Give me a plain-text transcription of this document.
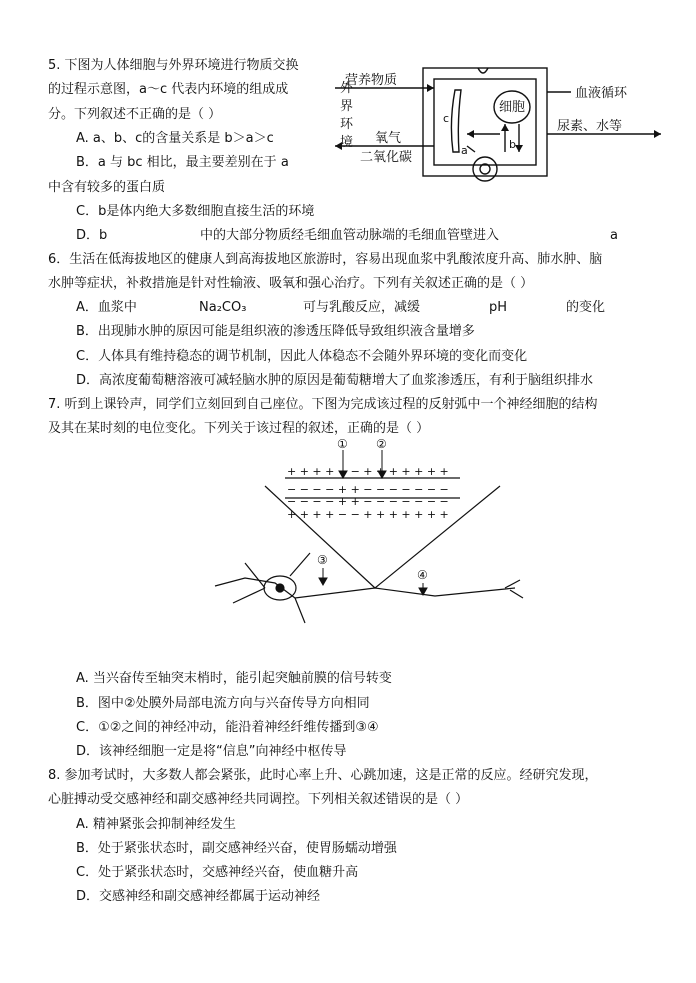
5. 下图为人体细胞与外界环境进行物质交换
的过程示意图，a～c 代表内环境的组成成
分。下列叙述不正确的是（ ）
A. a、b、c的含量关系是 b＞a＞c
B．a 与 bc 相比，最主要差别在于 a
中含有较多的蛋白质
C．b是体内绝大多数细胞直接生活的环境
D．b	中的大部分物质经毛细血管动脉端的毛细血管壁进入	a
营养物质
血液循环
氧气
二氧化碳
尿素、水等
细胞
a	b
c
外
界
环
境
6．生活在低海拔地区的健康人到高海拔地区旅游时，容易出现血浆中乳酸浓度升高、肺水肿、脑
水肿等症状，补救措施是针对性输液、吸氧和强心治疗。下列有关叙述正确的是（ ）
A．血浆中	Na₂CO₃	可与乳酸反应，减缓	pH	的变化
B．出现肺水肿的原因可能是组织液的渗透压降低导致组织液含量增多
C．人体具有维持稳态的调节机制，因此人体稳态不会随外界环境的变化而变化
D．高浓度葡萄糖溶液可减轻脑水肿的原因是葡萄糖增大了血浆渗透压，有利于脑组织排水
7. 听到上课铃声，同学们立刻回到自己座位。下图为完成该过程的反射弧中一个神经细胞的结构
及其在某时刻的电位变化。下列关于该过程的叙述，正确的是（ ）
① ②
③
④
+ + + + − − + + + + + + +
− − − − + + − − − − − − −
− − − − + + − − − − − − −
+ + + + − − + + + + + + +
A. 当兴奋传至轴突末梢时，能引起突触前膜的信号转变
B．图中②处膜外局部电流方向与兴奋传导方向相同
C．①②之间的神经冲动，能沿着神经纤维传播到③④
D．该神经细胞一定是将“信息”向神经中枢传导
8. 参加考试时，大多数人都会紧张，此时心率上升、心跳加速，这是正常的反应。经研究发现，
心脏搏动受交感神经和副交感神经共同调控。下列相关叙述错误的是（ ）
A. 精神紧张会抑制神经发生
B．处于紧张状态时，副交感神经兴奋，使胃肠蠕动增强
C．处于紧张状态时，交感神经兴奋，使血糖升高
D．交感神经和副交感神经都属于运动神经
